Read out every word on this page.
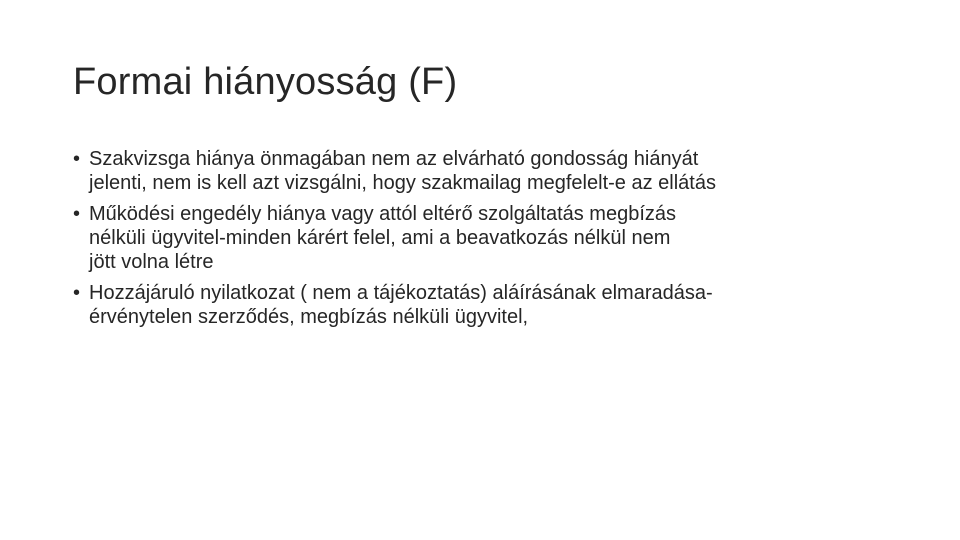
Formai hiányosság (F)
• Szakvizsga hiánya önmagában nem az elvárható gondosság hiányát
jelenti, nem is kell azt vizsgálni, hogy szakmailag megfelelt-e az ellátás
• Működési engedély hiánya vagy attól eltérő szolgáltatás megbízás
nélküli ügyvitel-minden kárért felel, ami a beavatkozás nélkül nem
jött volna létre
• Hozzájáruló nyilatkozat ( nem a tájékoztatás) aláírásának elmaradása-
érvénytelen szerződés, megbízás nélküli ügyvitel,
